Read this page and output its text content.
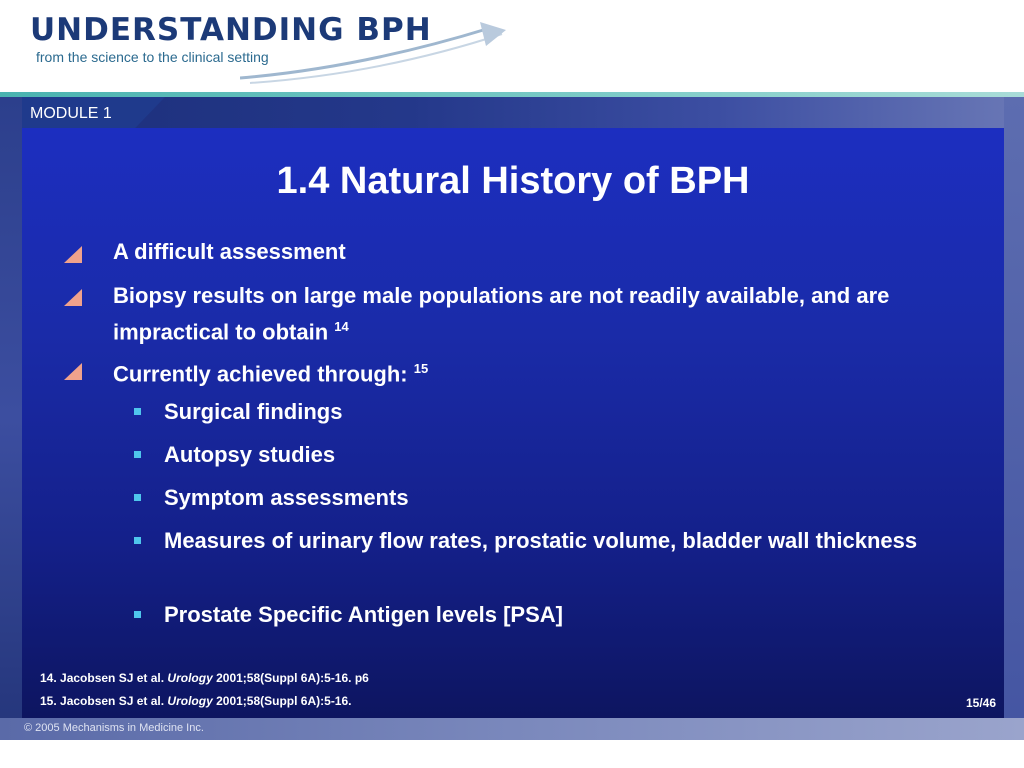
UNDERSTANDING BPH
from the science to the clinical setting
MODULE 1
1.4 Natural History of BPH
A difficult assessment
Biopsy results on large male populations are not readily available, and are impractical to obtain $^{14}$
Currently achieved through: $^{15}$
Surgical findings
Autopsy studies
Symptom assessments
Measures of urinary flow rates, prostatic volume, bladder wall thickness
Prostate Specific Antigen levels [PSA]
14. Jacobsen SJ et al. Urology 2001;58(Suppl 6A):5-16. p6
15. Jacobsen SJ et al. Urology 2001;58(Suppl 6A):5-16.	15/46
© 2005 Mechanisms in Medicine Inc.
